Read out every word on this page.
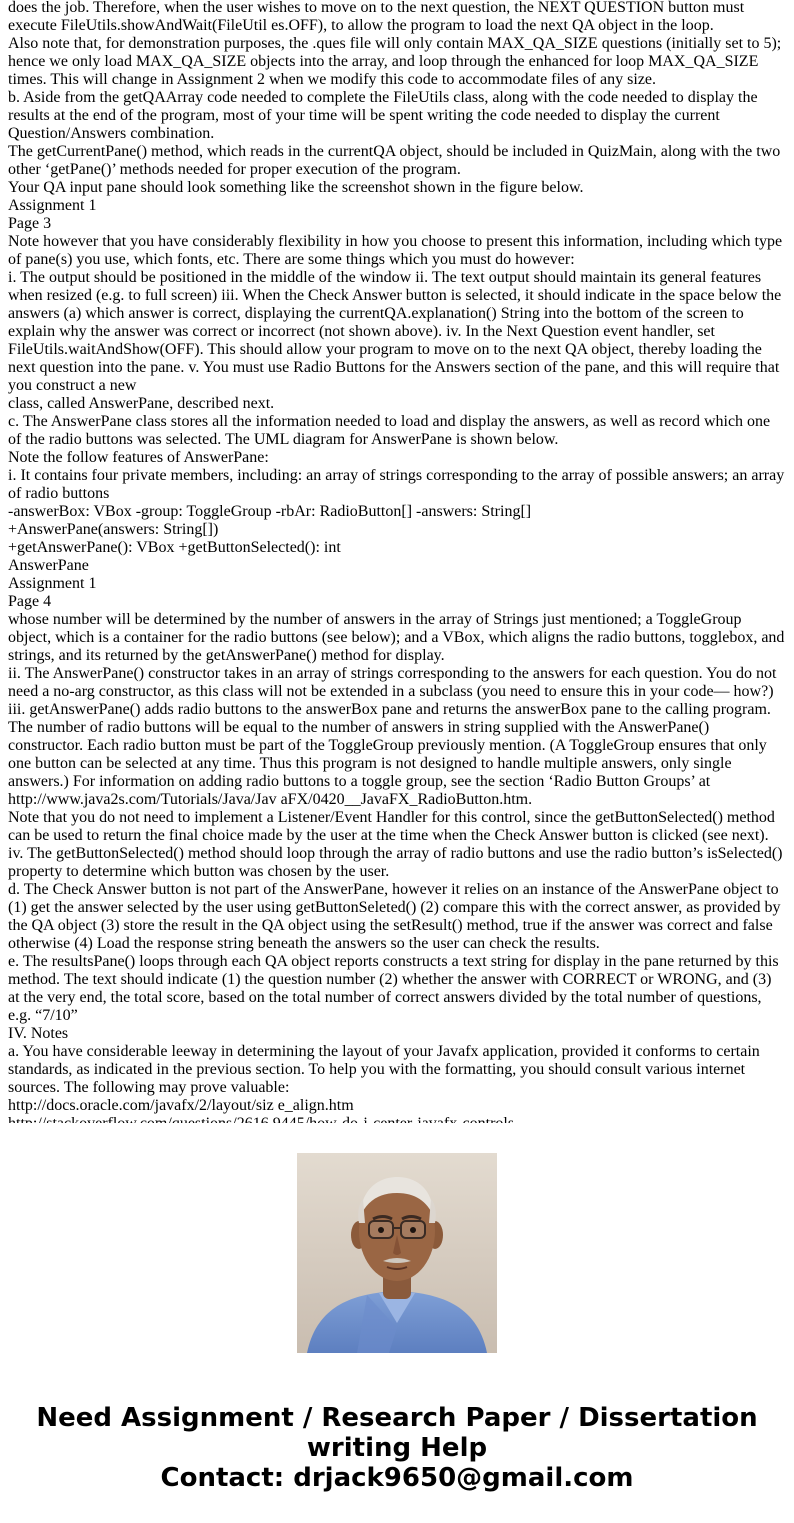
does the job. Therefore, when the user wishes to move on to the next question, the NEXT QUESTION button must execute FileUtils.showAndWait(FileUtil es.OFF), to allow the program to load the next QA object in the loop.

Also note that, for demonstration purposes, the .ques file will only contain MAX_QA_SIZE questions (initially set to 5); hence we only load MAX_QA_SIZE objects into the array, and loop through the enhanced for loop MAX_QA_SIZE times. This will change in Assignment 2 when we modify this code to accommodate files of any size.

b. Aside from the getQAArray code needed to complete the FileUtils class, along with the code needed to display the results at the end of the program, most of your time will be spent writing the code needed to display the current Question/Answers combination.

The getCurrentPane() method, which reads in the currentQA object, should be included in QuizMain, along with the two other ‘getPane()’ methods needed for proper execution of the program.

Your QA input pane should look something like the screenshot shown in the figure below.

Assignment 1

Page 3

Note however that you have considerably flexibility in how you choose to present this information, including which type of pane(s) you use, which fonts, etc. There are some things which you must do however:

i. The output should be positioned in the middle of the window ii. The text output should maintain its general features when resized (e.g. to full screen) iii. When the Check Answer button is selected, it should indicate in the space below the answers (a) which answer is correct, displaying the currentQA.explanation() String into the bottom of the screen to explain why the answer was correct or incorrect (not shown above). iv. In the Next Question event handler, set FileUtils.waitAndShow(OFF). This should allow your program to move on to the next QA object, thereby loading the next question into the pane. v. You must use Radio Buttons for the Answers section of the pane, and this will require that you construct a new

class, called AnswerPane, described next.

c. The AnswerPane class stores all the information needed to load and display the answers, as well as record which one of the radio buttons was selected. The UML diagram for AnswerPane is shown below.

Note the follow features of AnswerPane:

i. It contains four private members, including: an array of strings corresponding to the array of possible answers; an array of radio buttons

-answerBox: VBox -group: ToggleGroup -rbAr: RadioButton[] -answers: String[]

+AnswerPane(answers: String[])

+getAnswerPane(): VBox +getButtonSelected(): int

AnswerPane

Assignment 1

Page 4

whose number will be determined by the number of answers in the array of Strings just mentioned; a ToggleGroup object, which is a container for the radio buttons (see below); and a VBox, which aligns the radio buttons, togglebox, and strings, and its returned by the getAnswerPane() method for display.

ii. The AnswerPane() constructor takes in an array of strings corresponding to the answers for each question. You do not need a no-arg constructor, as this class will not be extended in a subclass (you need to ensure this in your code— how?) iii. getAnswerPane() adds radio buttons to the answerBox pane and returns the answerBox pane to the calling program. The number of radio buttons will be equal to the number of answers in string supplied with the AnswerPane() constructor. Each radio button must be part of the ToggleGroup previously mention. (A ToggleGroup ensures that only one button can be selected at any time. Thus this program is not designed to handle multiple answers, only single answers.) For information on adding radio buttons to a toggle group, see the section ‘Radio Button Groups’ at http://www.java2s.com/Tutorials/Java/Jav aFX/0420__JavaFX_RadioButton.htm.

Note that you do not need to implement a Listener/Event Handler for this control, since the getButtonSelected() method can be used to return the final choice made by the user at the time when the Check Answer button is clicked (see next). iv. The getButtonSelected() method should loop through the array of radio buttons and use the radio button’s isSelected() property to determine which button was chosen by the user.

d. The Check Answer button is not part of the AnswerPane, however it relies on an instance of the AnswerPane object to (1) get the answer selected by the user using getButtonSeleted() (2) compare this with the correct answer, as provided by the QA object (3) store the result in the QA object using the setResult() method, true if the answer was correct and false otherwise (4) Load the response string beneath the answers so the user can check the results.

e. The resultsPane() loops through each QA object reports constructs a text string for display in the pane returned by this method. The text should indicate (1) the question number (2) whether the answer with CORRECT or WRONG, and (3) at the very end, the total score, based on the total number of correct answers divided by the total number of questions, e.g. “7/10”

IV. Notes

a. You have considerable leeway in determining the layout of your Javafx application, provided it conforms to certain standards, as indicated in the previous section. To help you with the formatting, you should consult various internet sources. The following may prove valuable:

http://docs.oracle.com/javafx/2/layout/siz e_align.htm

Need Assignment / Research Paper / Dissertation
writing Help
Contact: drjack9650@gmail.com
